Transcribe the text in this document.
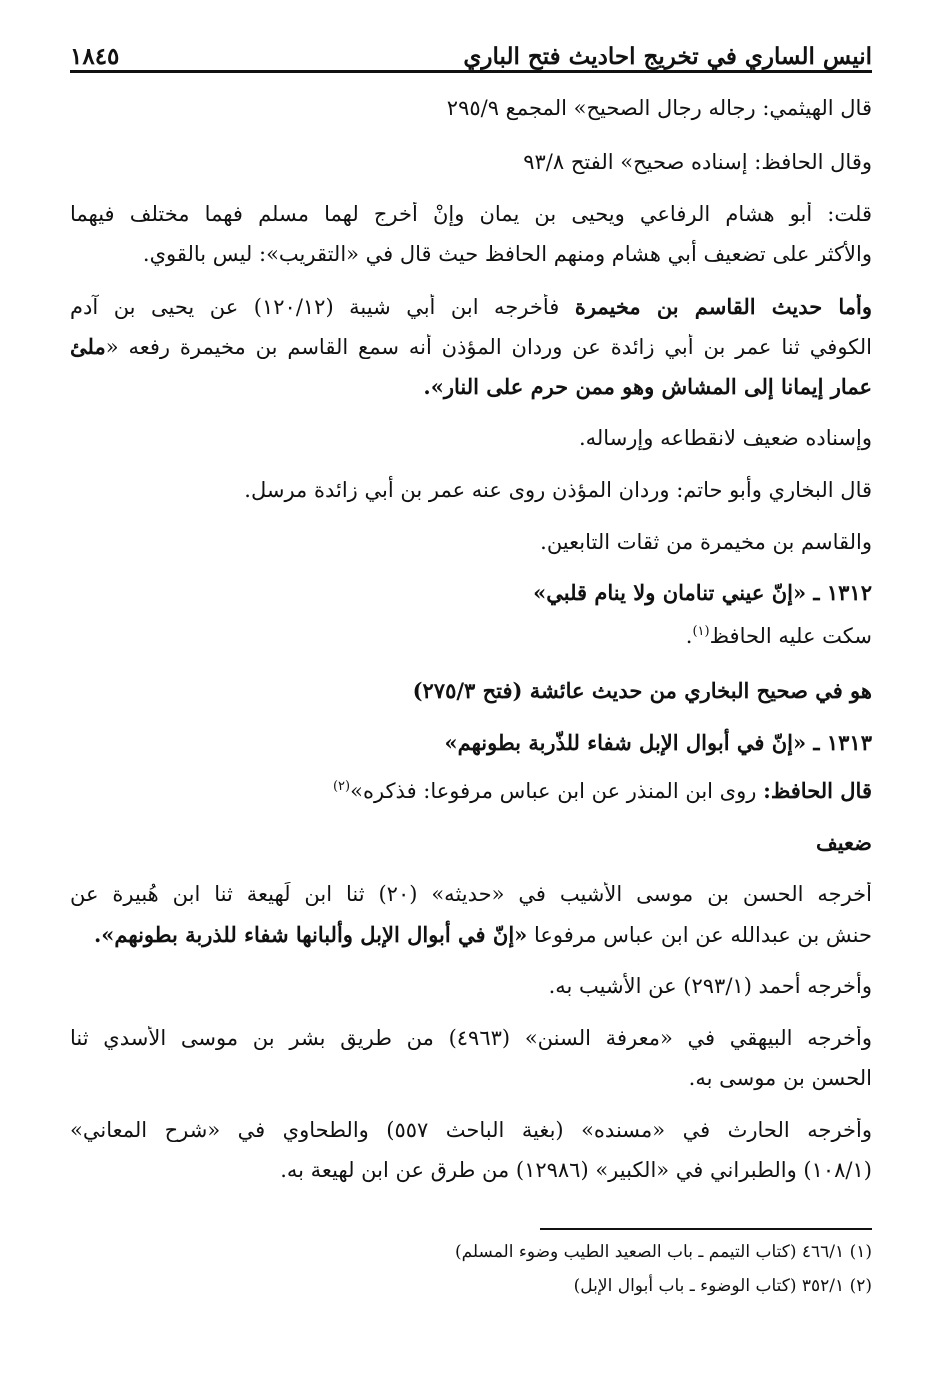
١٨٤٥	انيس الساري في تخريج احاديث فتح الباري
قال الهيثمي: رجاله رجال الصحيح» المجمع ٢٩٥/٩
وقال الحافظ: إسناده صحيح» الفتح ٩٣/٨
قلت: أبو هشام الرفاعي ويحيى بن يمان وإنْ أخرج لهما مسلم فهما مختلف فيهما
والأكثر على تضعيف أبي هشام ومنهم الحافظ حيث قال في «التقريب»: ليس بالقوي.
وأما حديث القاسم بن مخيمرة فأخرجه ابن أبي شيبة (١٢٠/١٢) عن يحيى بن آدم
الكوفي ثنا عمر بن أبي زائدة عن وردان المؤذن أنه سمع القاسم بن مخيمرة رفعه «ملئ
عمار إيمانا إلى المشاش وهو ممن حرم على النار».
وإسناده ضعيف لانقطاعه وإرساله.
قال البخاري وأبو حاتم: وردان المؤذن روى عنه عمر بن أبي زائدة مرسل.
والقاسم بن مخيمرة من ثقات التابعين.
١٣١٢ ـ «إنّ عيني تنامان ولا ينام قلبي»
سكت عليه الحافظ$^{(١)}$.
هو في صحيح البخاري من حديث عائشة (فتح ٢٧٥/٣)
١٣١٣ ـ «إنّ في أبوال الإبل شفاء للذّربة بطونهم»
قال الحافظ: روى ابن المنذر عن ابن عباس مرفوعا: فذكره»$^{(٢)}$
ضعيف
أخرجه الحسن بن موسى الأشيب في «حديثه» (٢٠) ثنا ابن لَهيعة ثنا ابن هُبيرة عن
حنش بن عبدالله عن ابن عباس مرفوعا «إنّ في أبوال الإبل وألبانها شفاء للذربة بطونهم».
وأخرجه أحمد (٢٩٣/١) عن الأشيب به.
وأخرجه البيهقي في «معرفة السنن» (٤٩٦٣) من طريق بشر بن موسى الأسدي ثنا
الحسن بن موسى به.
وأخرجه الحارث في «مسنده» (بغية الباحث ٥٥٧) والطحاوي في «شرح المعاني»
(١٠٨/١) والطبراني في «الكبير» (١٢٩٨٦) من طرق عن ابن لهيعة به.
(١) ٤٦٦/١ (كتاب التيمم ـ باب الصعيد الطيب وضوء المسلم)
(٢) ٣٥٢/١ (كتاب الوضوء ـ باب أبوال الإبل)
